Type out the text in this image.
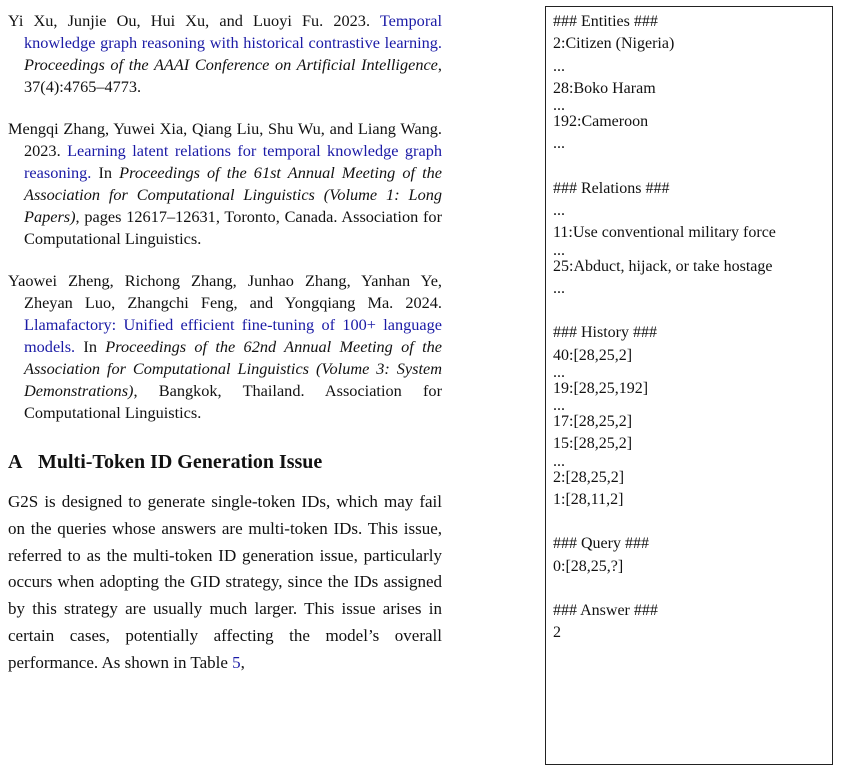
Yi Xu, Junjie Ou, Hui Xu, and Luoyi Fu. 2023. Temporal knowledge graph reasoning with historical contrastive learning. Proceedings of the AAAI Conference on Artificial Intelligence, 37(4):4765–4773.

Mengqi Zhang, Yuwei Xia, Qiang Liu, Shu Wu, and Liang Wang. 2023. Learning latent relations for temporal knowledge graph reasoning. In Proceedings of the 61st Annual Meeting of the Association for Computational Linguistics (Volume 1: Long Papers), pages 12617–12631, Toronto, Canada. Association for Computational Linguistics.

Yaowei Zheng, Richong Zhang, Junhao Zhang, Yanhan Ye, Zheyan Luo, Zhangchi Feng, and Yongqiang Ma. 2024. Llamafactory: Unified efficient fine-tuning of 100+ language models. In Proceedings of the 62nd Annual Meeting of the Association for Computational Linguistics (Volume 3: System Demonstrations), Bangkok, Thailand. Association for Computational Linguistics.

A Multi-Token ID Generation Issue

G2S is designed to generate single-token IDs, which may fail on the queries whose answers are multi-token IDs. This issue, referred to as the multi-token ID generation issue, particularly occurs when adopting the GID strategy, since the IDs assigned by this strategy are usually much larger. This issue arises in certain cases, potentially affecting the model’s overall performance. As shown in Table 5,

### Entities ###
2:Citizen (Nigeria)
...
28:Boko Haram
...
192:Cameroon
...
### Relations ###
...
11:Use conventional military force
...
25:Abduct, hijack, or take hostage
...
### History ###
40:[28,25,2]
...
19:[28,25,192]
...
17:[28,25,2]
15:[28,25,2]
...
2:[28,25,2]
1:[28,11,2]
### Query ###
0:[28,25,?]
### Answer ###
2
